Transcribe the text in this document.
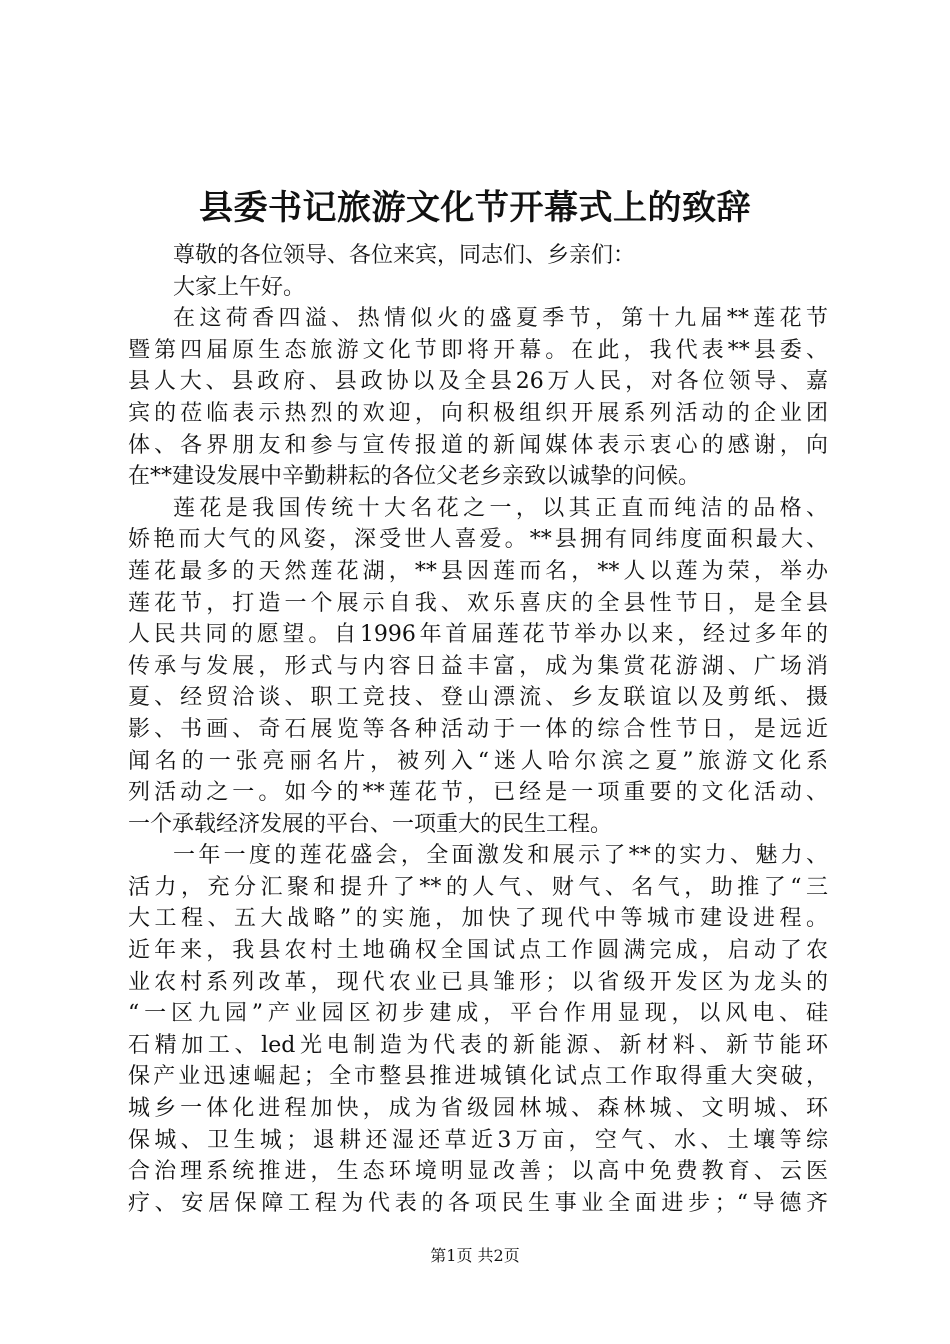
县委书记旅游文化节开幕式上的致辞
尊敬的各位领导、各位来宾，同志们、乡亲们：
大家上午好。
在这荷香四溢、热情似火的盛夏季节，第十九届**莲花节
暨第四届原生态旅游文化节即将开幕。在此，我代表**县委、
县人大、县政府、县政协以及全县26万人民，对各位领导、嘉
宾的莅临表示热烈的欢迎，向积极组织开展系列活动的企业团
体、各界朋友和参与宣传报道的新闻媒体表示衷心的感谢，向
在**建设发展中辛勤耕耘的各位父老乡亲致以诚挚的问候。
莲花是我国传统十大名花之一，以其正直而纯洁的品格、
娇艳而大气的风姿，深受世人喜爱。**县拥有同纬度面积最大、
莲花最多的天然莲花湖，**县因莲而名，**人以莲为荣，举办
莲花节，打造一个展示自我、欢乐喜庆的全县性节日，是全县
人民共同的愿望。自1996年首届莲花节举办以来，经过多年的
传承与发展，形式与内容日益丰富，成为集赏花游湖、广场消
夏、经贸洽谈、职工竞技、登山漂流、乡友联谊以及剪纸、摄
影、书画、奇石展览等各种活动于一体的综合性节日，是远近
闻名的一张亮丽名片，被列入“迷人哈尔滨之夏”旅游文化系
列活动之一。如今的**莲花节，已经是一项重要的文化活动、
一个承载经济发展的平台、一项重大的民生工程。
一年一度的莲花盛会，全面激发和展示了**的实力、魅力、
活力，充分汇聚和提升了**的人气、财气、名气，助推了“三
大工程、五大战略”的实施，加快了现代中等城市建设进程。
近年来，我县农村土地确权全国试点工作圆满完成，启动了农
业农村系列改革，现代农业已具雏形；以省级开发区为龙头的
“一区九园”产业园区初步建成，平台作用显现，以风电、硅
石精加工、led光电制造为代表的新能源、新材料、新节能环
保产业迅速崛起；全市整县推进城镇化试点工作取得重大突破，
城乡一体化进程加快，成为省级园林城、森林城、文明城、环
保城、卫生城；退耕还湿还草近3万亩，空气、水、土壤等综
合治理系统推进，生态环境明显改善；以高中免费教育、云医
疗、安居保障工程为代表的各项民生事业全面进步；“导德齐
第1页 共2页
